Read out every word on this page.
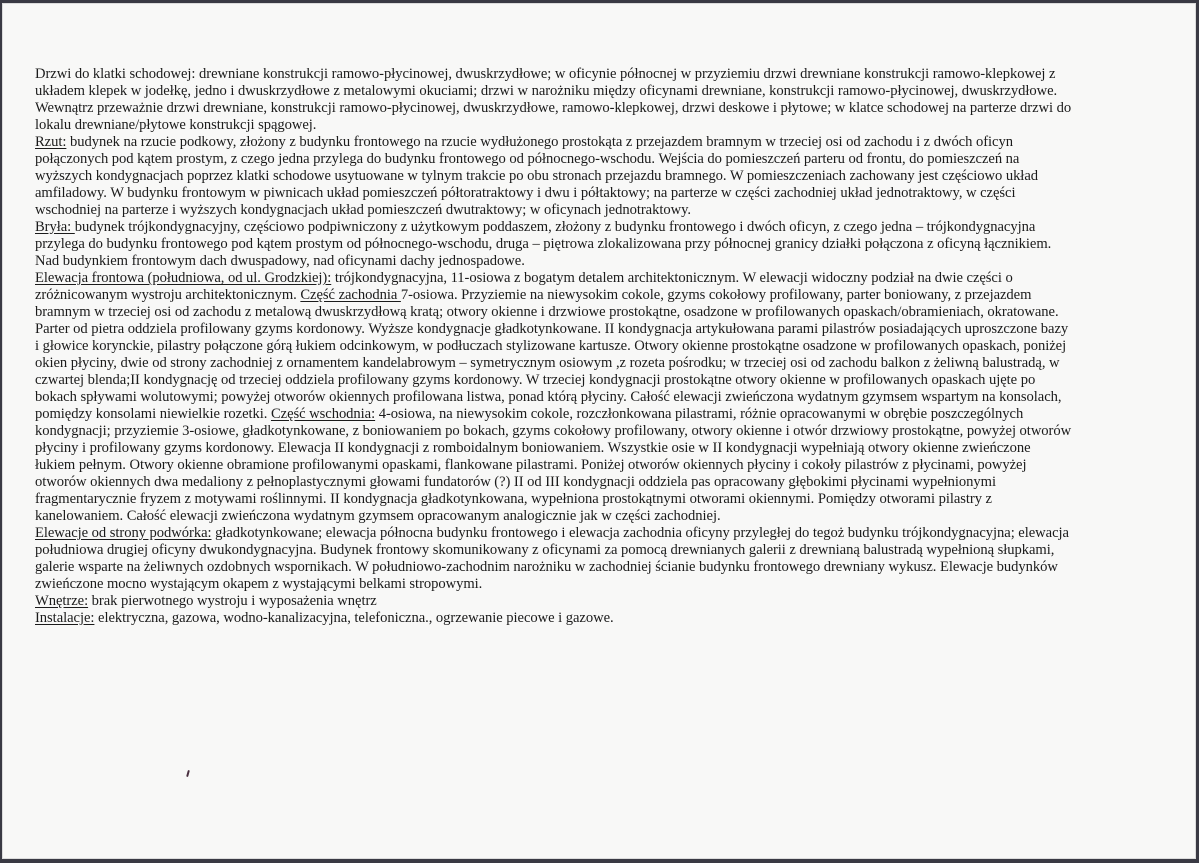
Drzwi do klatki schodowej: drewniane konstrukcji ramowo-płycinowej, dwuskrzydłowe; w oficynie północnej w przyziemiu drzwi drewniane konstrukcji ramowo-klepkowej z
układem klepek w jodełkę, jedno i dwuskrzydłowe z metalowymi okuciami; drzwi w narożniku między oficynami drewniane, konstrukcji ramowo-płycinowej, dwuskrzydłowe.
Wewnątrz przeważnie drzwi drewniane, konstrukcji ramowo-płycinowej, dwuskrzydłowe, ramowo-klepkowej, drzwi deskowe i płytowe; w klatce schodowej na parterze drzwi do
lokalu drewniane/płytowe konstrukcji spągowej.
Rzut: budynek na rzucie podkowy, złożony z budynku frontowego na rzucie wydłużonego prostokąta z przejazdem bramnym w trzeciej osi od zachodu i z dwóch oficyn
połączonych pod kątem prostym, z czego jedna przylega do budynku frontowego od północnego-wschodu. Wejścia do pomieszczeń parteru od frontu, do pomieszczeń na
wyższych kondygnacjach poprzez klatki schodowe usytuowane w tylnym trakcie po obu stronach przejazdu bramnego. W pomieszczeniach zachowany jest częściowo układ
amfiladowy. W budynku frontowym w piwnicach układ pomieszczeń półtoratraktowy i dwu i półtaktowy; na parterze w części zachodniej układ jednotraktowy, w części
wschodniej na parterze i wyższych kondygnacjach układ pomieszczeń dwutraktowy; w oficynach jednotraktowy.
Bryła: budynek trójkondygnacyjny, częściowo podpiwniczony z użytkowym poddaszem, złożony z budynku frontowego i dwóch oficyn, z czego jedna – trójkondygnacyjna
przylega do budynku frontowego pod kątem prostym od północnego-wschodu, druga – piętrowa zlokalizowana przy północnej granicy działki połączona z oficyną łącznikiem.
Nad budynkiem frontowym dach dwuspadowy, nad oficynami dachy jednospadowe.
Elewacja frontowa (południowa, od ul. Grodzkiej): trójkondygnacyjna, 11-osiowa z bogatym detalem architektonicznym. W elewacji widoczny podział na dwie części o
zróżnicowanym wystroju architektonicznym. Część zachodnia 7-osiowa. Przyziemie na niewysokim cokole, gzyms cokołowy profilowany, parter boniowany, z przejazdem
bramnym w trzeciej osi od zachodu z metalową dwuskrzydłową kratą; otwory okienne i drzwiowe prostokątne, osadzone w profilowanych opaskach/obramieniach, okratowane.
Parter od pietra oddziela profilowany gzyms kordonowy. Wyższe kondygnacje gładkotynkowane. II kondygnacja artykułowana parami pilastrów posiadających uproszczone bazy
i głowice korynckie, pilastry połączone górą łukiem odcinkowym, w podłuczach stylizowane kartusze. Otwory okienne prostokątne osadzone w profilowanych opaskach, poniżej
okien płyciny, dwie od strony zachodniej z ornamentem kandelabrowym – symetrycznym osiowym ,z rozeta pośrodku; w trzeciej osi od zachodu balkon z żeliwną balustradą, w
czwartej blenda;II kondygnację od trzeciej oddziela profilowany gzyms kordonowy. W trzeciej kondygnacji prostokątne otwory okienne w profilowanych opaskach ujęte po
bokach spływami wolutowymi; powyżej otworów okiennych profilowana listwa, ponad którą płyciny. Całość elewacji zwieńczona wydatnym gzymsem wspartym na konsolach,
pomiędzy konsolami niewielkie rozetki. Część wschodnia: 4-osiowa, na niewysokim cokole, rozczłonkowana pilastrami, różnie opracowanymi w obrębie poszczególnych
kondygnacji; przyziemie 3-osiowe, gładkotynkowane, z boniowaniem po bokach, gzyms cokołowy profilowany, otwory okienne i otwór drzwiowy prostokątne, powyżej otworów
płyciny i profilowany gzyms kordonowy. Elewacja II kondygnacji z romboidalnym boniowaniem. Wszystkie osie w II kondygnacji wypełniają otwory okienne zwieńczone
łukiem pełnym. Otwory okienne obramione profilowanymi opaskami, flankowane pilastrami. Poniżej otworów okiennych płyciny i cokoły pilastrów z płycinami, powyżej
otworów okiennych dwa medaliony z pełnoplastycznymi głowami fundatorów (?) II od III kondygnacji oddziela pas opracowany głębokimi płycinami wypełnionymi
fragmentarycznie fryzem z motywami roślinnymi. II kondygnacja gładkotynkowana, wypełniona prostokątnymi otworami okiennymi. Pomiędzy otworami pilastry z
kanelowaniem. Całość elewacji zwieńczona wydatnym gzymsem opracowanym analogicznie jak w części zachodniej.
Elewacje od strony podwórka: gładkotynkowane; elewacja północna budynku frontowego i elewacja zachodnia oficyny przyległej do tegoż budynku trójkondygnacyjna; elewacja
południowa drugiej oficyny dwukondygnacyjna. Budynek frontowy skomunikowany z oficynami za pomocą drewnianych galerii z drewnianą balustradą wypełnioną słupkami,
galerie wsparte na żeliwnych ozdobnych wspornikach. W południowo-zachodnim narożniku w zachodniej ścianie budynku frontowego drewniany wykusz. Elewacje budynków
zwieńczone mocno wystającym okapem z wystającymi belkami stropowymi.
Wnętrze: brak pierwotnego wystroju i wyposażenia wnętrz
Instalacje: elektryczna, gazowa, wodno-kanalizacyjna, telefoniczna., ogrzewanie piecowe i gazowe.
